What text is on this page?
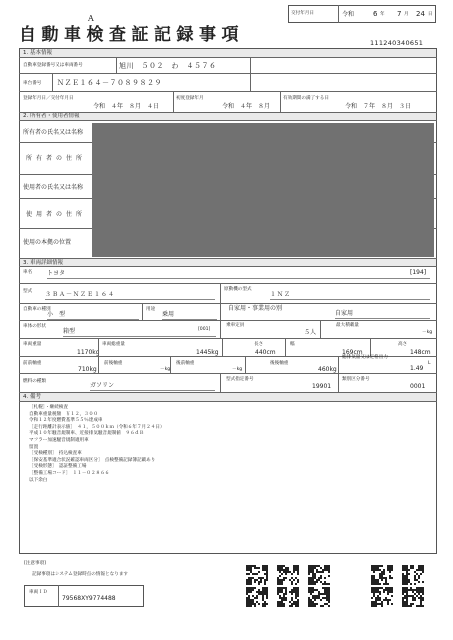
A
自動車検査証記録事項
交付年月日	令和	6 年 7 月 24 日
111240340651
1. 基本情報
自動車登録番号又は車両番号	旭川　５０２　わ　４５７６
車台番号 ＮＺＥ１６４－７０８９８２９
登録年月日／交付年月日
令和　４年　８月　４日
初度登録年月
令和　４年　８月
有効期間の満了する日
令和　７年　８月　３日
2. 所有者・使用者情報
所有者の氏名又は名称
所有者の住所
使用者の氏名又は名称
使用者の住所
使用の本拠の位置
3. 車両詳細情報
車名 トヨタ	[194]
型式 ３ＢＡ－ＮＺＥ１６４
原動機の型式
１ＮＺ
自動車の種別
小　型
用途
乗用
自家用・事業用の別
自家用
車体の形状
箱型	[001]
乗車定員
５人
最大積載量
－kg
車両重量
1170kg
車両総重量
1445kg
長さ
440cm
幅
169cm
高さ
148cm
前前軸重
710kg
前後軸重
－kg
後前軸重
－kg
後後軸重
460kg
総排気量又は定格出力
1.49
L
燃料の種類
ガソリン
型式指定番号
19901
類別区分番号
0001
4. 備考
［札幌］・継続検査
自動車重量税額　￥１２，３００
令和１２年度燃費基準５５％達成車
［走行距離計表示値］　４１，５００ｋｍ（令和６年７月２４日）
平成１０年騒音規制車、近接排気騒音規制値　９６ｄＢ
マフラー加速騒音規制適用車
留置
［受検種別］　持込検査車
［保安基準適合状況確認車両区分］　点検整備記録簿記載あり
［受検形態］　認証整備工場
［整備工場コード］　１１－０２８６６
以下余白
[注意事項]
記録事項はシステム登録時点の情報となります
車両ＩＤ
79568XY9774488
